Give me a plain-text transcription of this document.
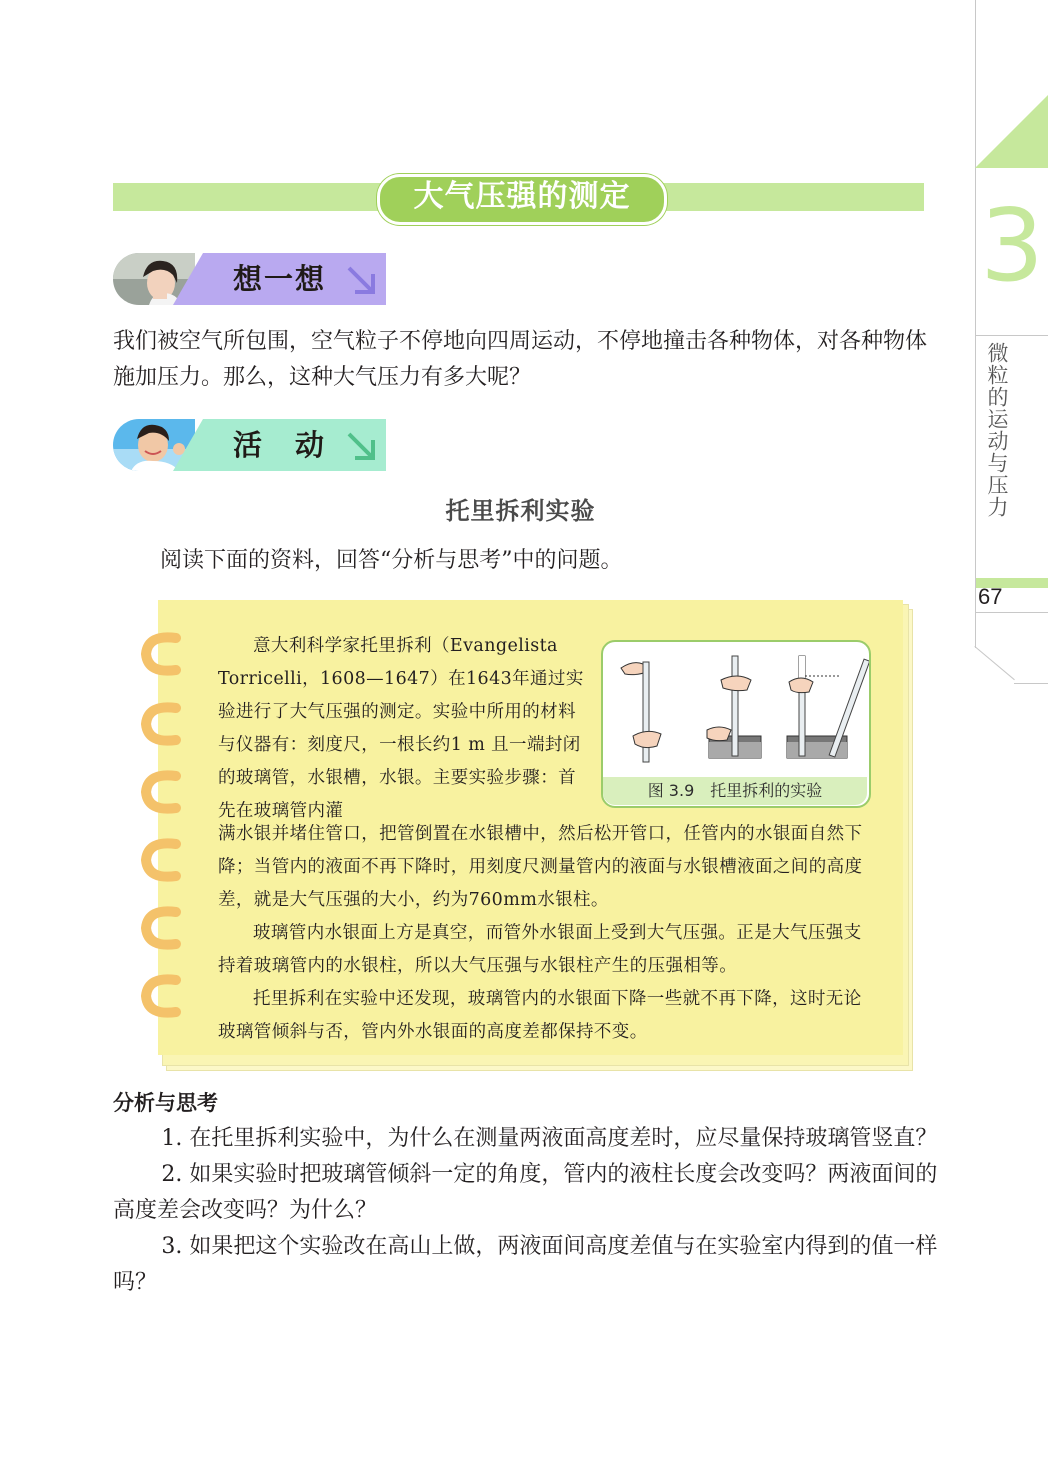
3
微粒的运动与压力
67
大气压强的测定
想一想
我们被空气所包围，空气粒子不停地向四周运动，不停地撞击各种物体，对各种物体施加压力。那么，这种大气压力有多大呢？
活　动
托里拆利实验
阅读下面的资料，回答“分析与思考”中的问题。
意大利科学家托里拆利（Evangelista Torricelli，1608—1647）在1643年通过实验进行了大气压强的测定。实验中所用的材料与仪器有：刻度尺，一根长约1 m 且一端封闭的玻璃管，水银槽，水银。主要实验步骤：首先在玻璃管内灌
满水银并堵住管口，把管倒置在水银槽中，然后松开管口，任管内的水银面自然下降；当管内的液面不再下降时，用刻度尺测量管内的液面与水银槽液面之间的高度差，就是大气压强的大小，约为760mm水银柱。
玻璃管内水银面上方是真空，而管外水银面上受到大气压强。正是大气压强支持着玻璃管内的水银柱，所以大气压强与水银柱产生的压强相等。
托里拆利在实验中还发现，玻璃管内的水银面下降一些就不再下降，这时无论玻璃管倾斜与否，管内外水银面的高度差都保持不变。
图 3.9　托里拆利的实验
分析与思考

1. 在托里拆利实验中，为什么在测量两液面高度差时，应尽量保持玻璃管竖直？

2. 如果实验时把玻璃管倾斜一定的角度，管内的液柱长度会改变吗？两液面间的高度差会改变吗？为什么？

3. 如果把这个实验改在高山上做，两液面间高度差值与在实验室内得到的值一样吗？
